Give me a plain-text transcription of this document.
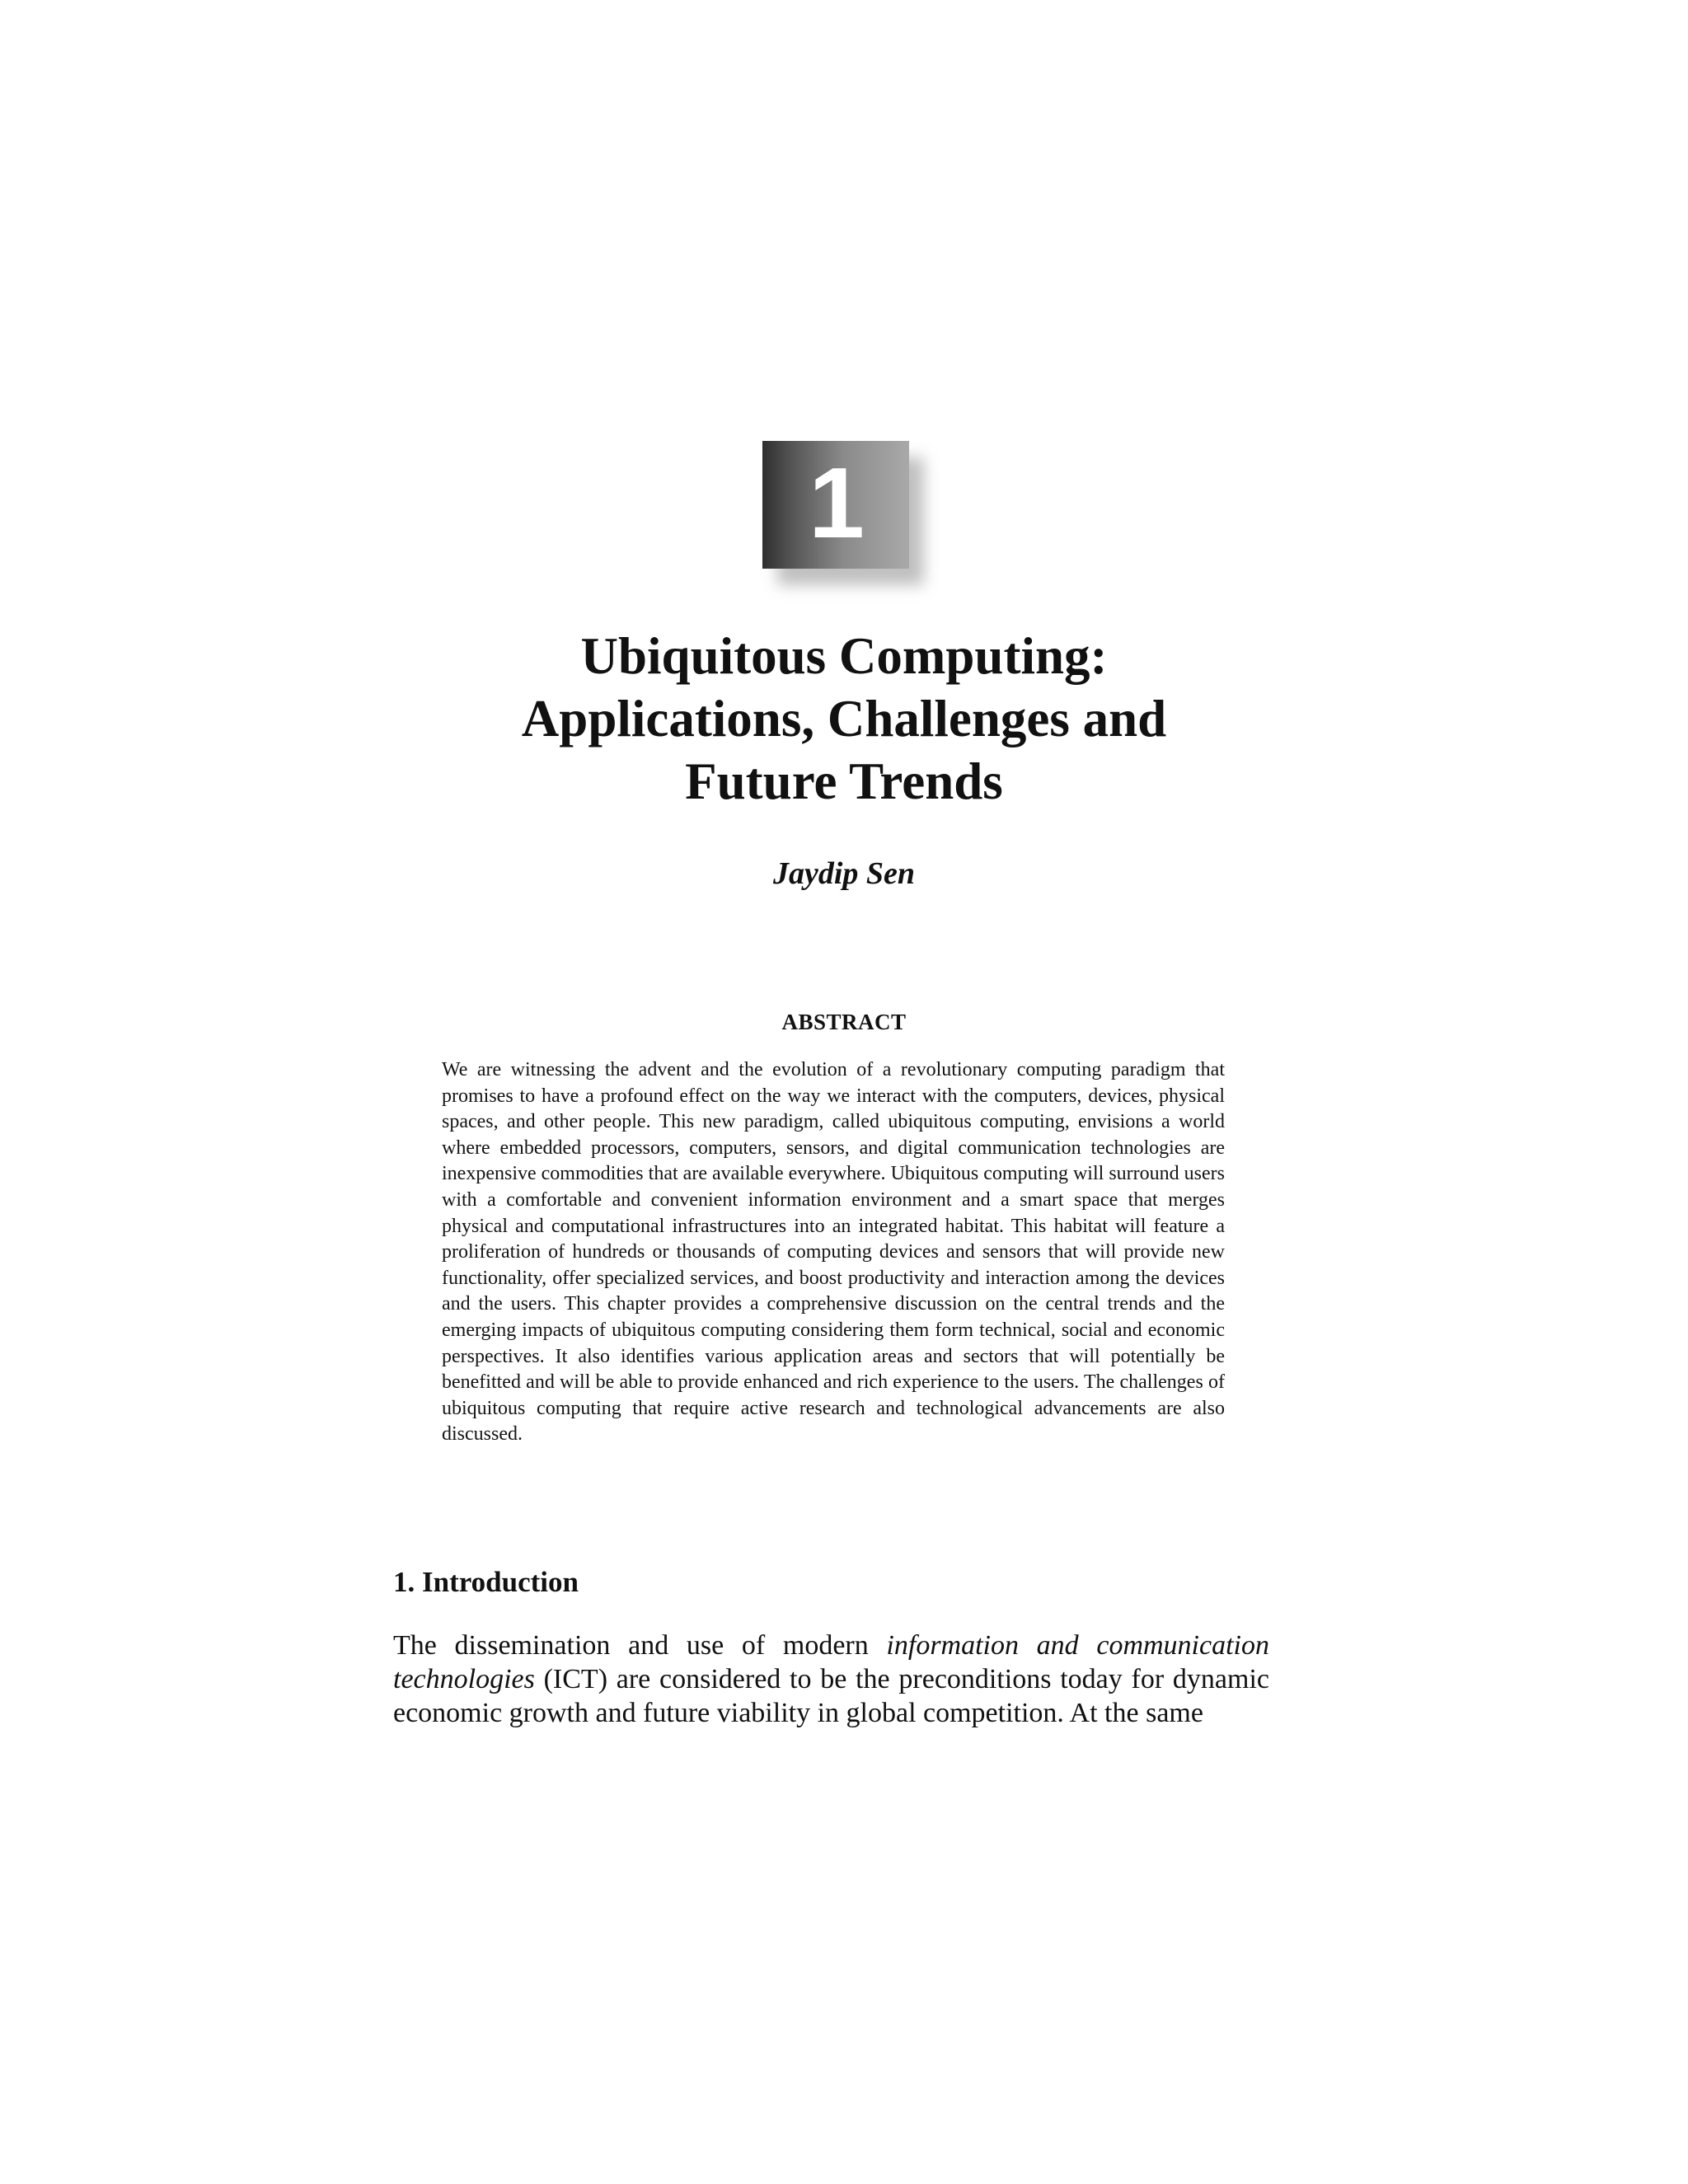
1
Ubiquitous Computing:
Applications, Challenges and
Future Trends
Jaydip Sen
ABSTRACT

We are witnessing the advent and the evolution of a revolutionary computing paradigm that promises to have a profound effect on the way we interact with the computers, devices, physical spaces, and other people. This new paradigm, called ubiquitous computing, envisions a world where embedded processors, computers, sensors, and digital communication technologies are inexpensive commodities that are available everywhere. Ubiquitous computing will surround users with a comfortable and convenient information environment and a smart space that merges physical and computational infrastructures into an integrated habitat. This habitat will feature a proliferation of hundreds or thousands of computing devices and sensors that will provide new functionality, offer specialized services, and boost productivity and interaction among the devices and the users. This chapter provides a comprehensive discussion on the central trends and the emerging impacts of ubiquitous computing considering them form technical, social and economic perspectives. It also identifies various application areas and sectors that will potentially be benefitted and will be able to provide enhanced and rich experience to the users. The challenges of ubiquitous computing that require active research and technological advancements are also discussed.

1. Introduction

The dissemination and use of modern information and communication technologies (ICT) are considered to be the preconditions today for dynamic economic growth and future viability in global competition. At the same
